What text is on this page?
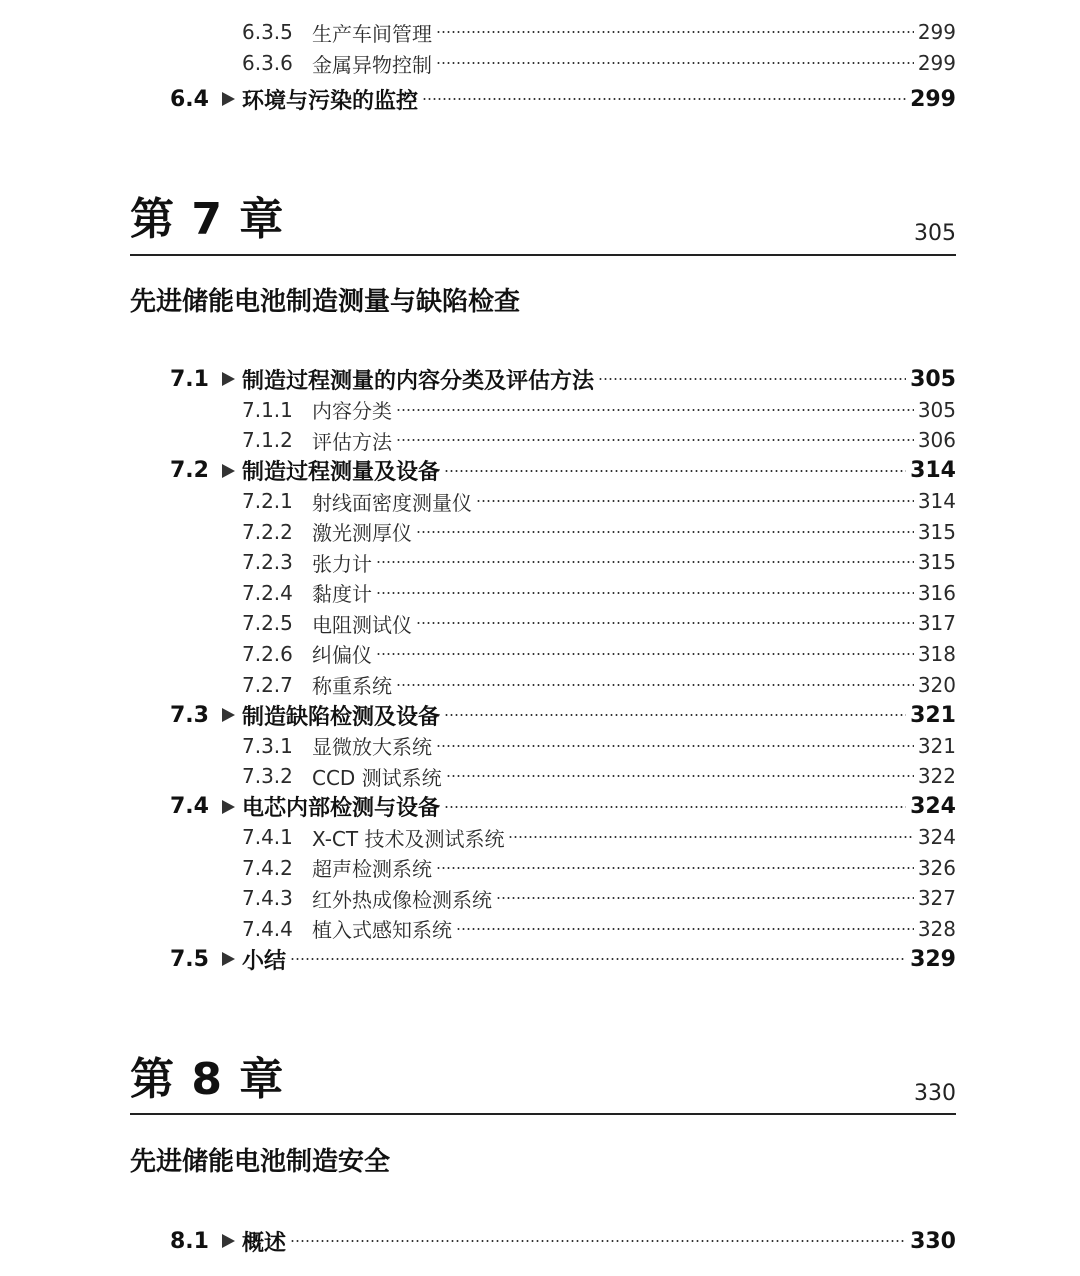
6.3.5 生产车间管理	299
6.3.6 金属异物控制	299
6.4	环境与污染的监控	299
第 7 章	305
先进储能电池制造测量与缺陷检查
7.1	制造过程测量的内容分类及评估方法	305
7.1.1 内容分类	305
7.1.2 评估方法	306
7.2	制造过程测量及设备	314
7.2.1 射线面密度测量仪	314
7.2.2 激光测厚仪	315
7.2.3 张力计	315
7.2.4 黏度计	316
7.2.5 电阻测试仪	317
7.2.6 纠偏仪	318
7.2.7 称重系统	320
7.3	制造缺陷检测及设备	321
7.3.1 显微放大系统	321
7.3.2 CCD 测试系统	322
7.4	电芯内部检测与设备	324
7.4.1 X-CT 技术及测试系统	324
7.4.2 超声检测系统	326
7.4.3 红外热成像检测系统	327
7.4.4 植入式感知系统	328
7.5	小结	329
第 8 章	330
先进储能电池制造安全
8.1	概述	330
